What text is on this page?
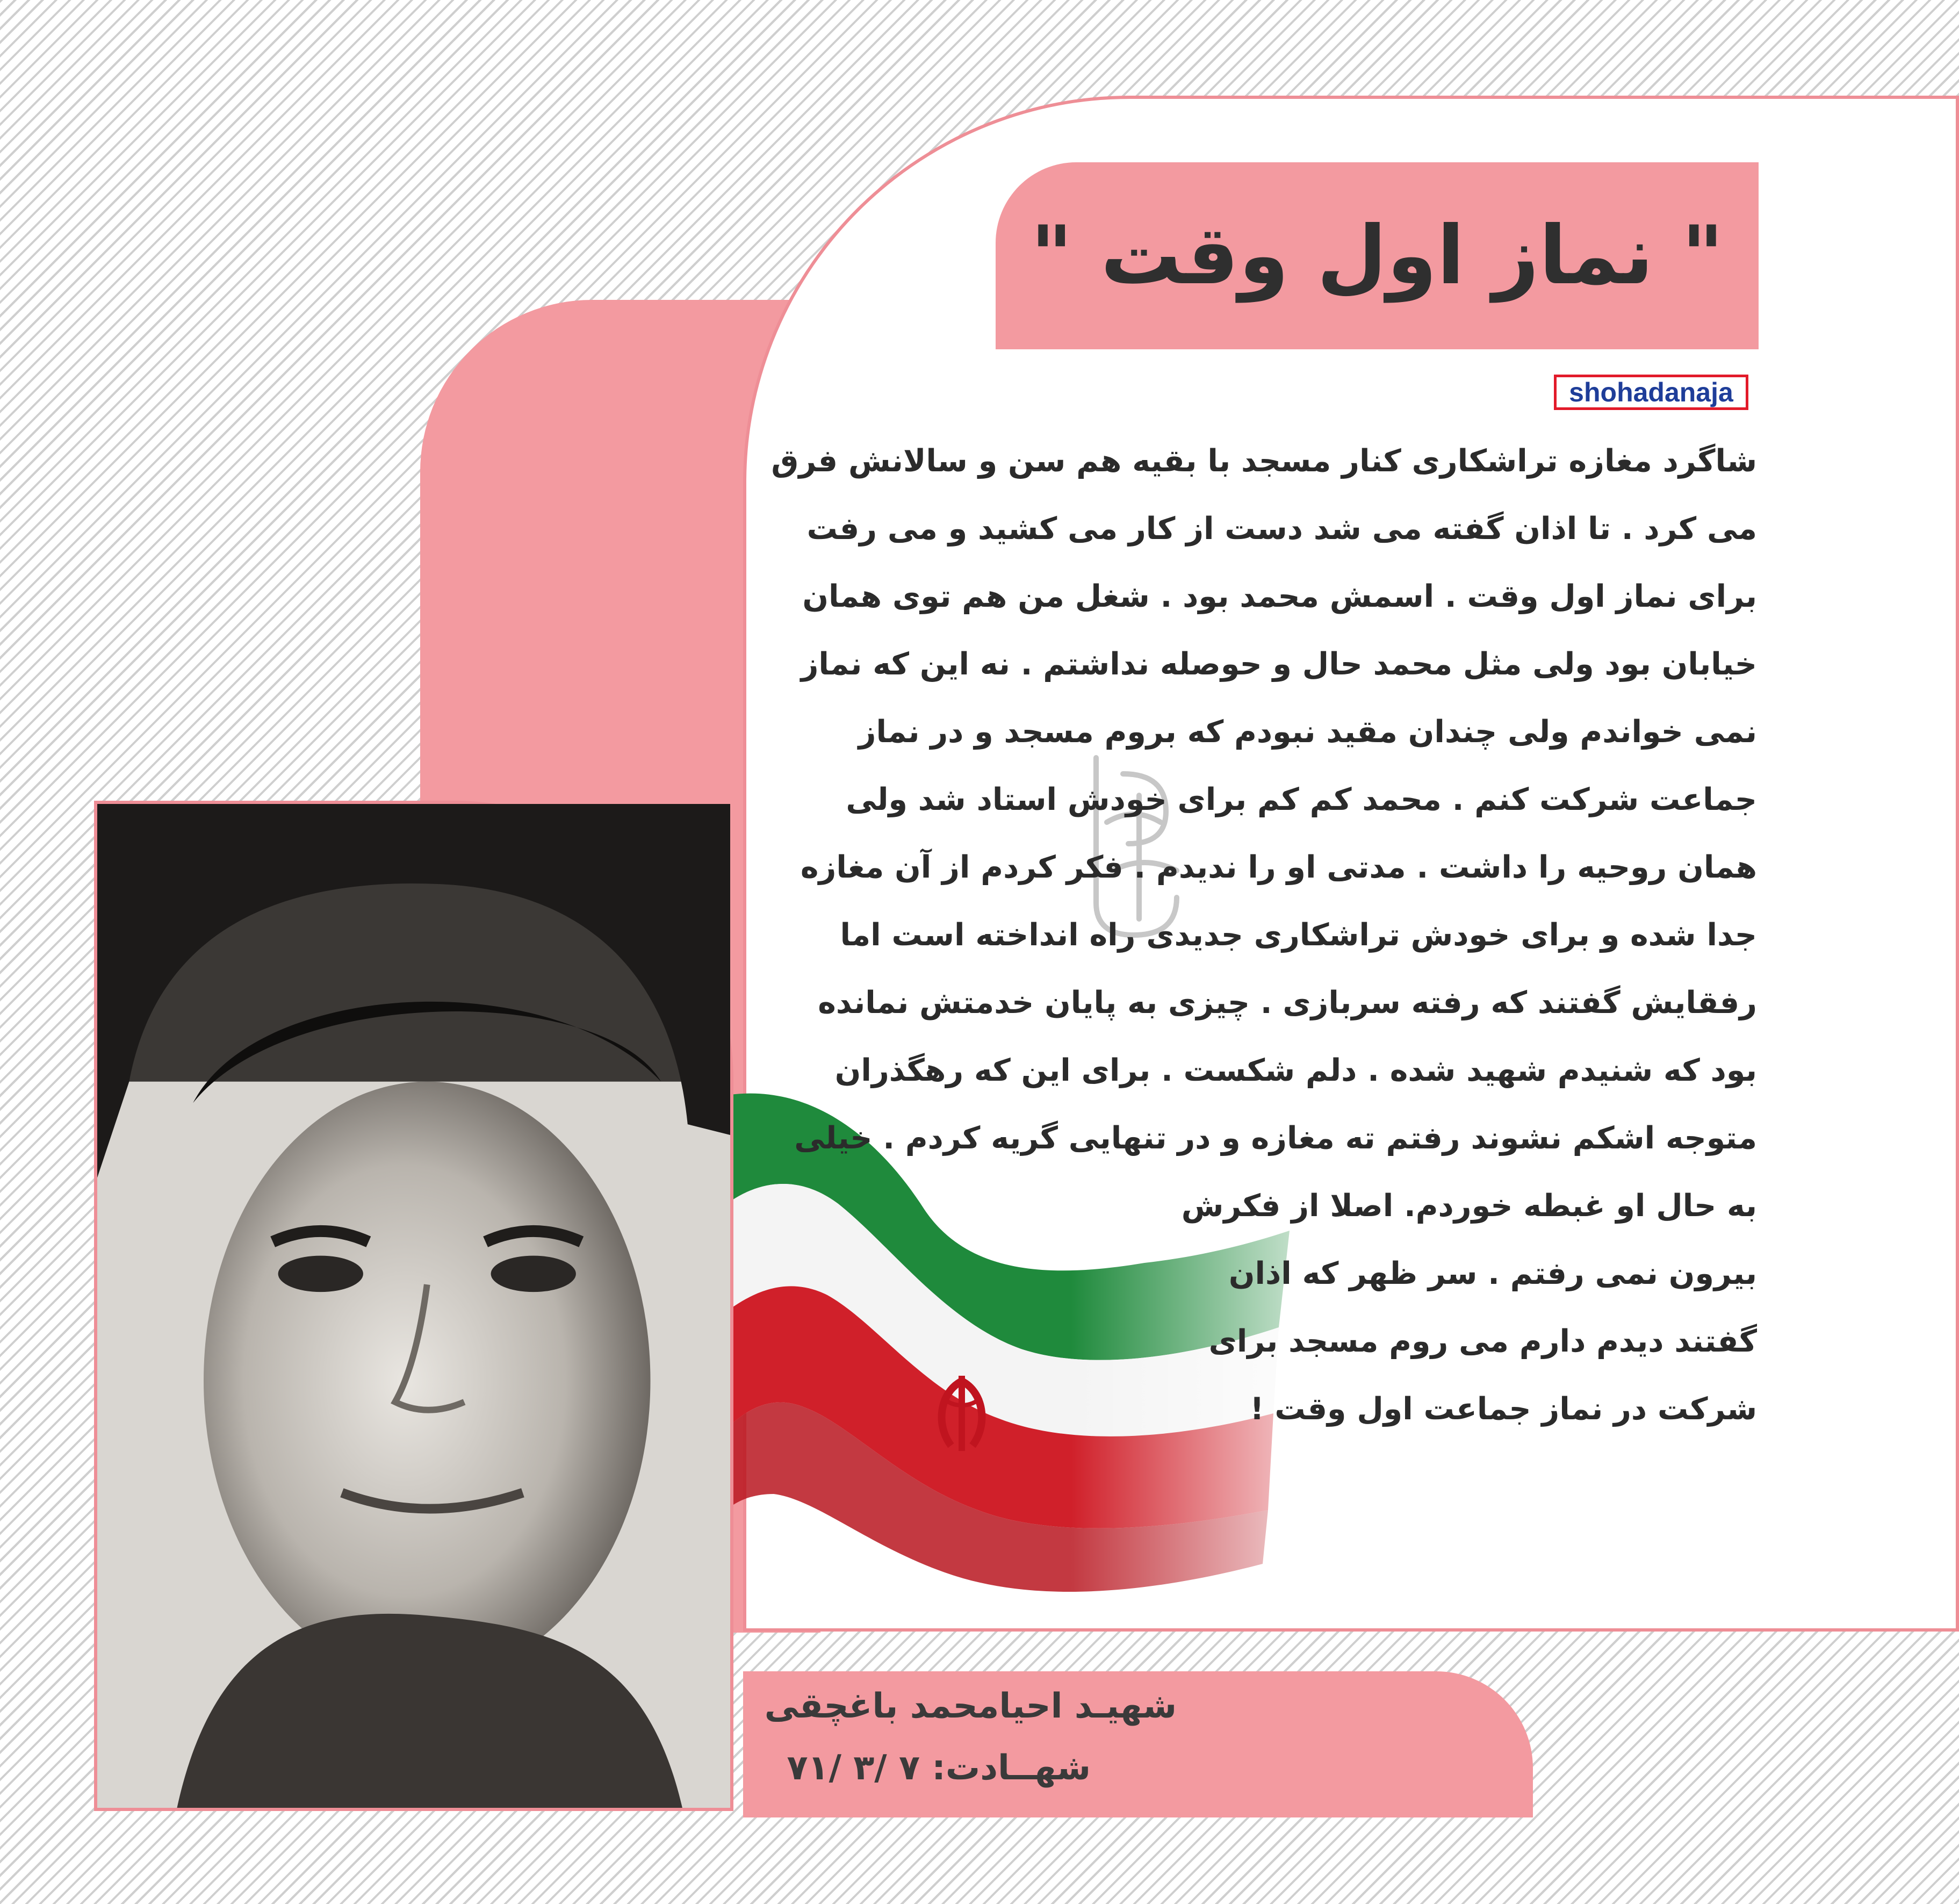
" نماز اول وقت "
shohadanaja
شاگرد مغازه تراشکاری کنار مسجد با بقیه هم سن و سالانش فرق
می کرد . تا اذان گفته می شد دست از کار می کشید و می رفت
برای نماز اول وقت . اسمش محمد بود . شغل من هم توی همان
خیابان بود ولی مثل محمد حال و حوصله نداشتم . نه این که نماز
نمی خواندم ولی چندان مقید نبودم که بروم مسجد و در نماز
جماعت شرکت کنم . محمد کم کم برای خودش استاد شد ولی
همان روحیه را داشت . مدتی او را ندیدم . فکر کردم از آن مغازه
جدا شده و برای خودش تراشکاری جدیدی راه انداخته است اما
رفقایش گفتند که رفته سربازی . چیزی به پایان خدمتش نمانده
بود که شنیدم شهید شده . دلم شکست . برای این که رهگذران
متوجه اشکم نشوند رفتم ته مغازه و در تنهایی گریه کردم . خیلی
به حال او غبطه خوردم. اصلا از فکرش
بیرون نمی رفتم . سر ظهر که اذان
گفتند دیدم دارم می روم مسجد برای
شرکت در نماز جماعت اول وقت !
شهیـد احیامحمد باغچقی
شهــادت: ۷ /۳ /۷۱
